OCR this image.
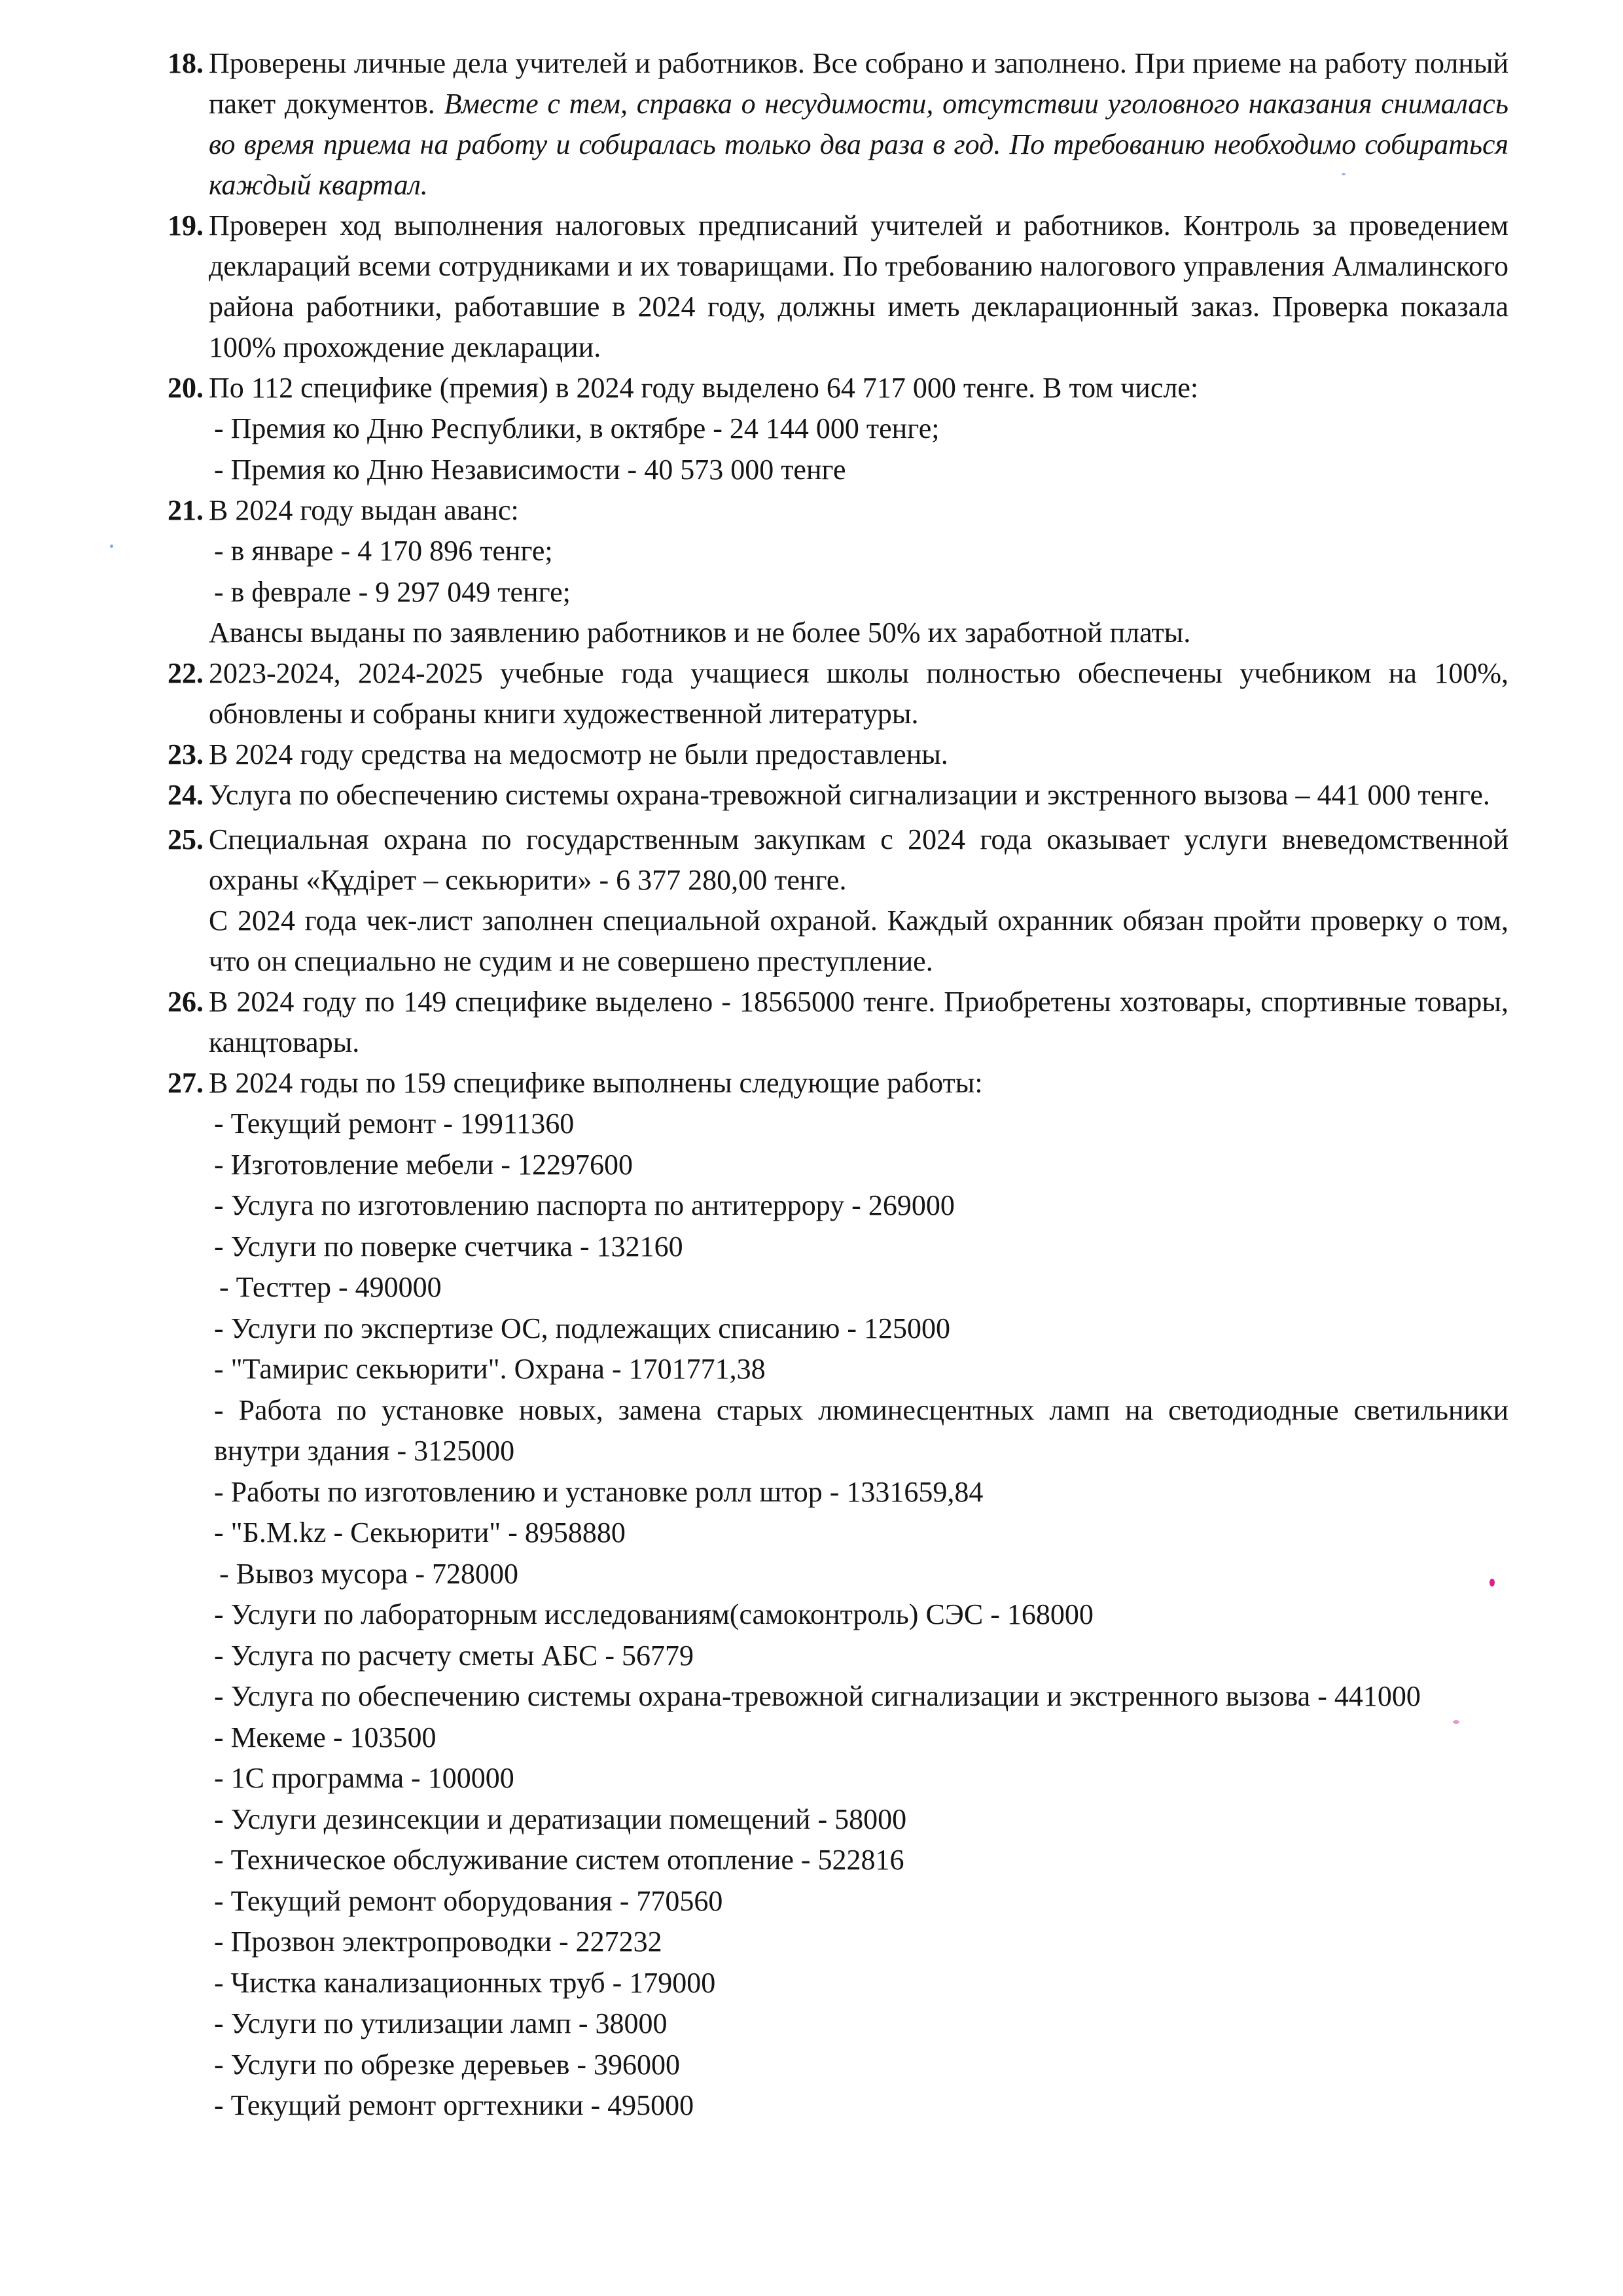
18. Проверены личные дела учителей и работников. Все собрано и заполнено. При приеме на работу полный пакет документов. Вместе с тем, справка о несудимости, отсутствии уголовного наказания снималась во время приема на работу и собиралась только два раза в год. По требованию необходимо собираться каждый квартал.

19. Проверен ход выполнения налоговых предписаний учителей и работников. Контроль за проведением деклараций всеми сотрудниками и их товарищами. По требованию налогового управления Алмалинского района работники, работавшие в 2024 году, должны иметь декларационный заказ. Проверка показала 100% прохождение декларации.

20. По 112 специфике (премия) в 2024 году выделено 64 717 000 тенге. В том числе:

- Премия ко Дню Республики, в октябре - 24 144 000 тенге;

- Премия ко Дню Независимости - 40 573 000 тенге

21. В 2024 году выдан аванс:

- в январе - 4 170 896 тенге;

- в феврале - 9 297 049 тенге;

Авансы выданы по заявлению работников и не более 50% их заработной платы.

22. 2023-2024, 2024-2025 учебные года учащиеся школы полностью обеспечены учебником на 100%, обновлены и собраны книги художественной литературы.

23. В 2024 году средства на медосмотр не были предоставлены.

24. Услуга по обеспечению системы охрана-тревожной сигнализации и экстренного вызова – 441 000 тенге.

25. Специальная охрана по государственным закупкам с 2024 года оказывает услуги вневедомственной охраны «Құдірет – секьюрити» - 6 377 280,00 тенге.

С 2024 года чек-лист заполнен специальной охраной. Каждый охранник обязан пройти проверку о том, что он специально не судим и не совершено преступление.

26. В 2024 году по 149 специфике выделено - 18565000 тенге. Приобретены хозтовары, спортивные товары, канцтовары.

27. В 2024 годы по 159 специфике выполнены следующие работы:

- Текущий ремонт - 19911360

- Изготовление мебели - 12297600

- Услуга по изготовлению паспорта по антитеррору - 269000

- Услуги по поверке счетчика - 132160

- Тесттер - 490000

- Услуги по экспертизе ОС, подлежащих списанию - 125000

- "Тамирис секьюрити". Охрана - 1701771,38

- Работа по установке новых, замена старых люминесцентных ламп на светодиодные светильники внутри здания - 3125000

- Работы по изготовлению и установке ролл штор - 1331659,84

- "Б.М.kz - Секьюрити" - 8958880

- Вывоз мусора - 728000

- Услуги по лабораторным исследованиям(самоконтроль) СЭС - 168000

- Услуга по расчету сметы АБС - 56779

- Услуга по обеспечению системы охрана-тревожной сигнализации и экстренного вызова - 441000

- Мекеме - 103500

- 1С программа - 100000

- Услуги дезинсекции и дератизации помещений - 58000

- Техническое обслуживание систем отопление - 522816

- Текущий ремонт оборудования - 770560

- Прозвон электропроводки - 227232

- Чистка канализационных труб - 179000

- Услуги по утилизации ламп - 38000

- Услуги по обрезке деревьев - 396000

- Текущий ремонт оргтехники - 495000
